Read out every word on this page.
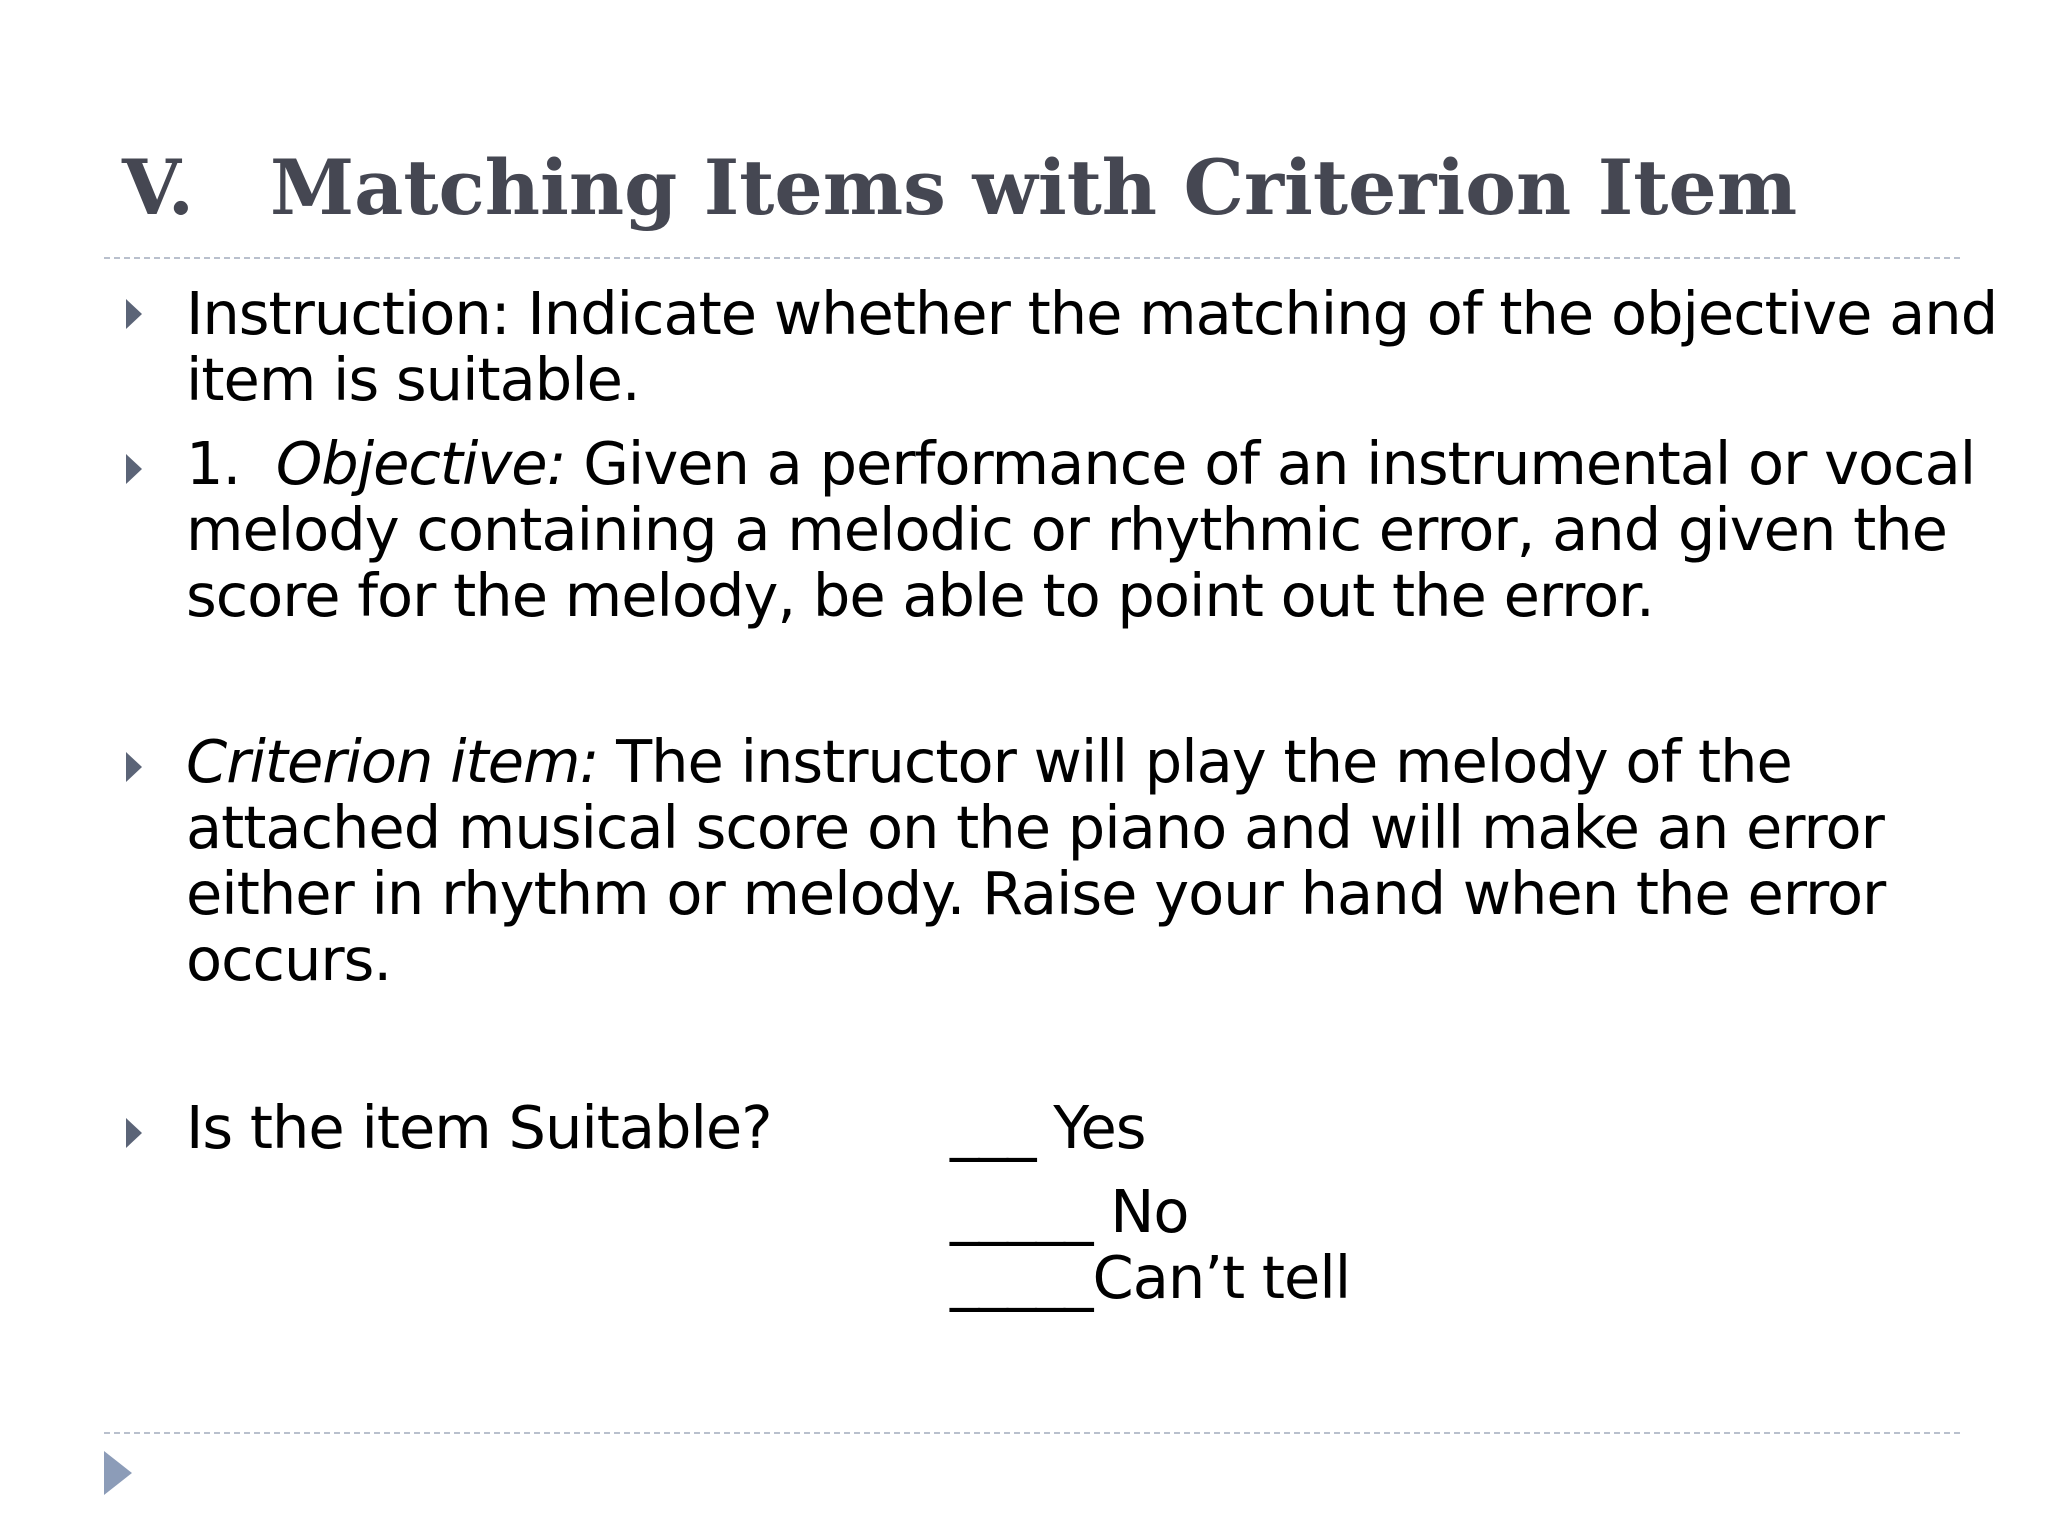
V. Matching Items with Criterion Item

Instruction: Indicate whether the matching of the objective and
item is suitable.

1. Objective: Given a performance of an instrumental or vocal
melody containing a melodic or rhythmic error, and given the
score for the melody, be able to point out the error.

Criterion item: The instructor will play the melody of the
attached musical score on the piano and will make an error
either in rhythm or melody. Raise your hand when the error
occurs.

Is the item Suitable?	___ Yes

_____ No

_____Can’t tell
